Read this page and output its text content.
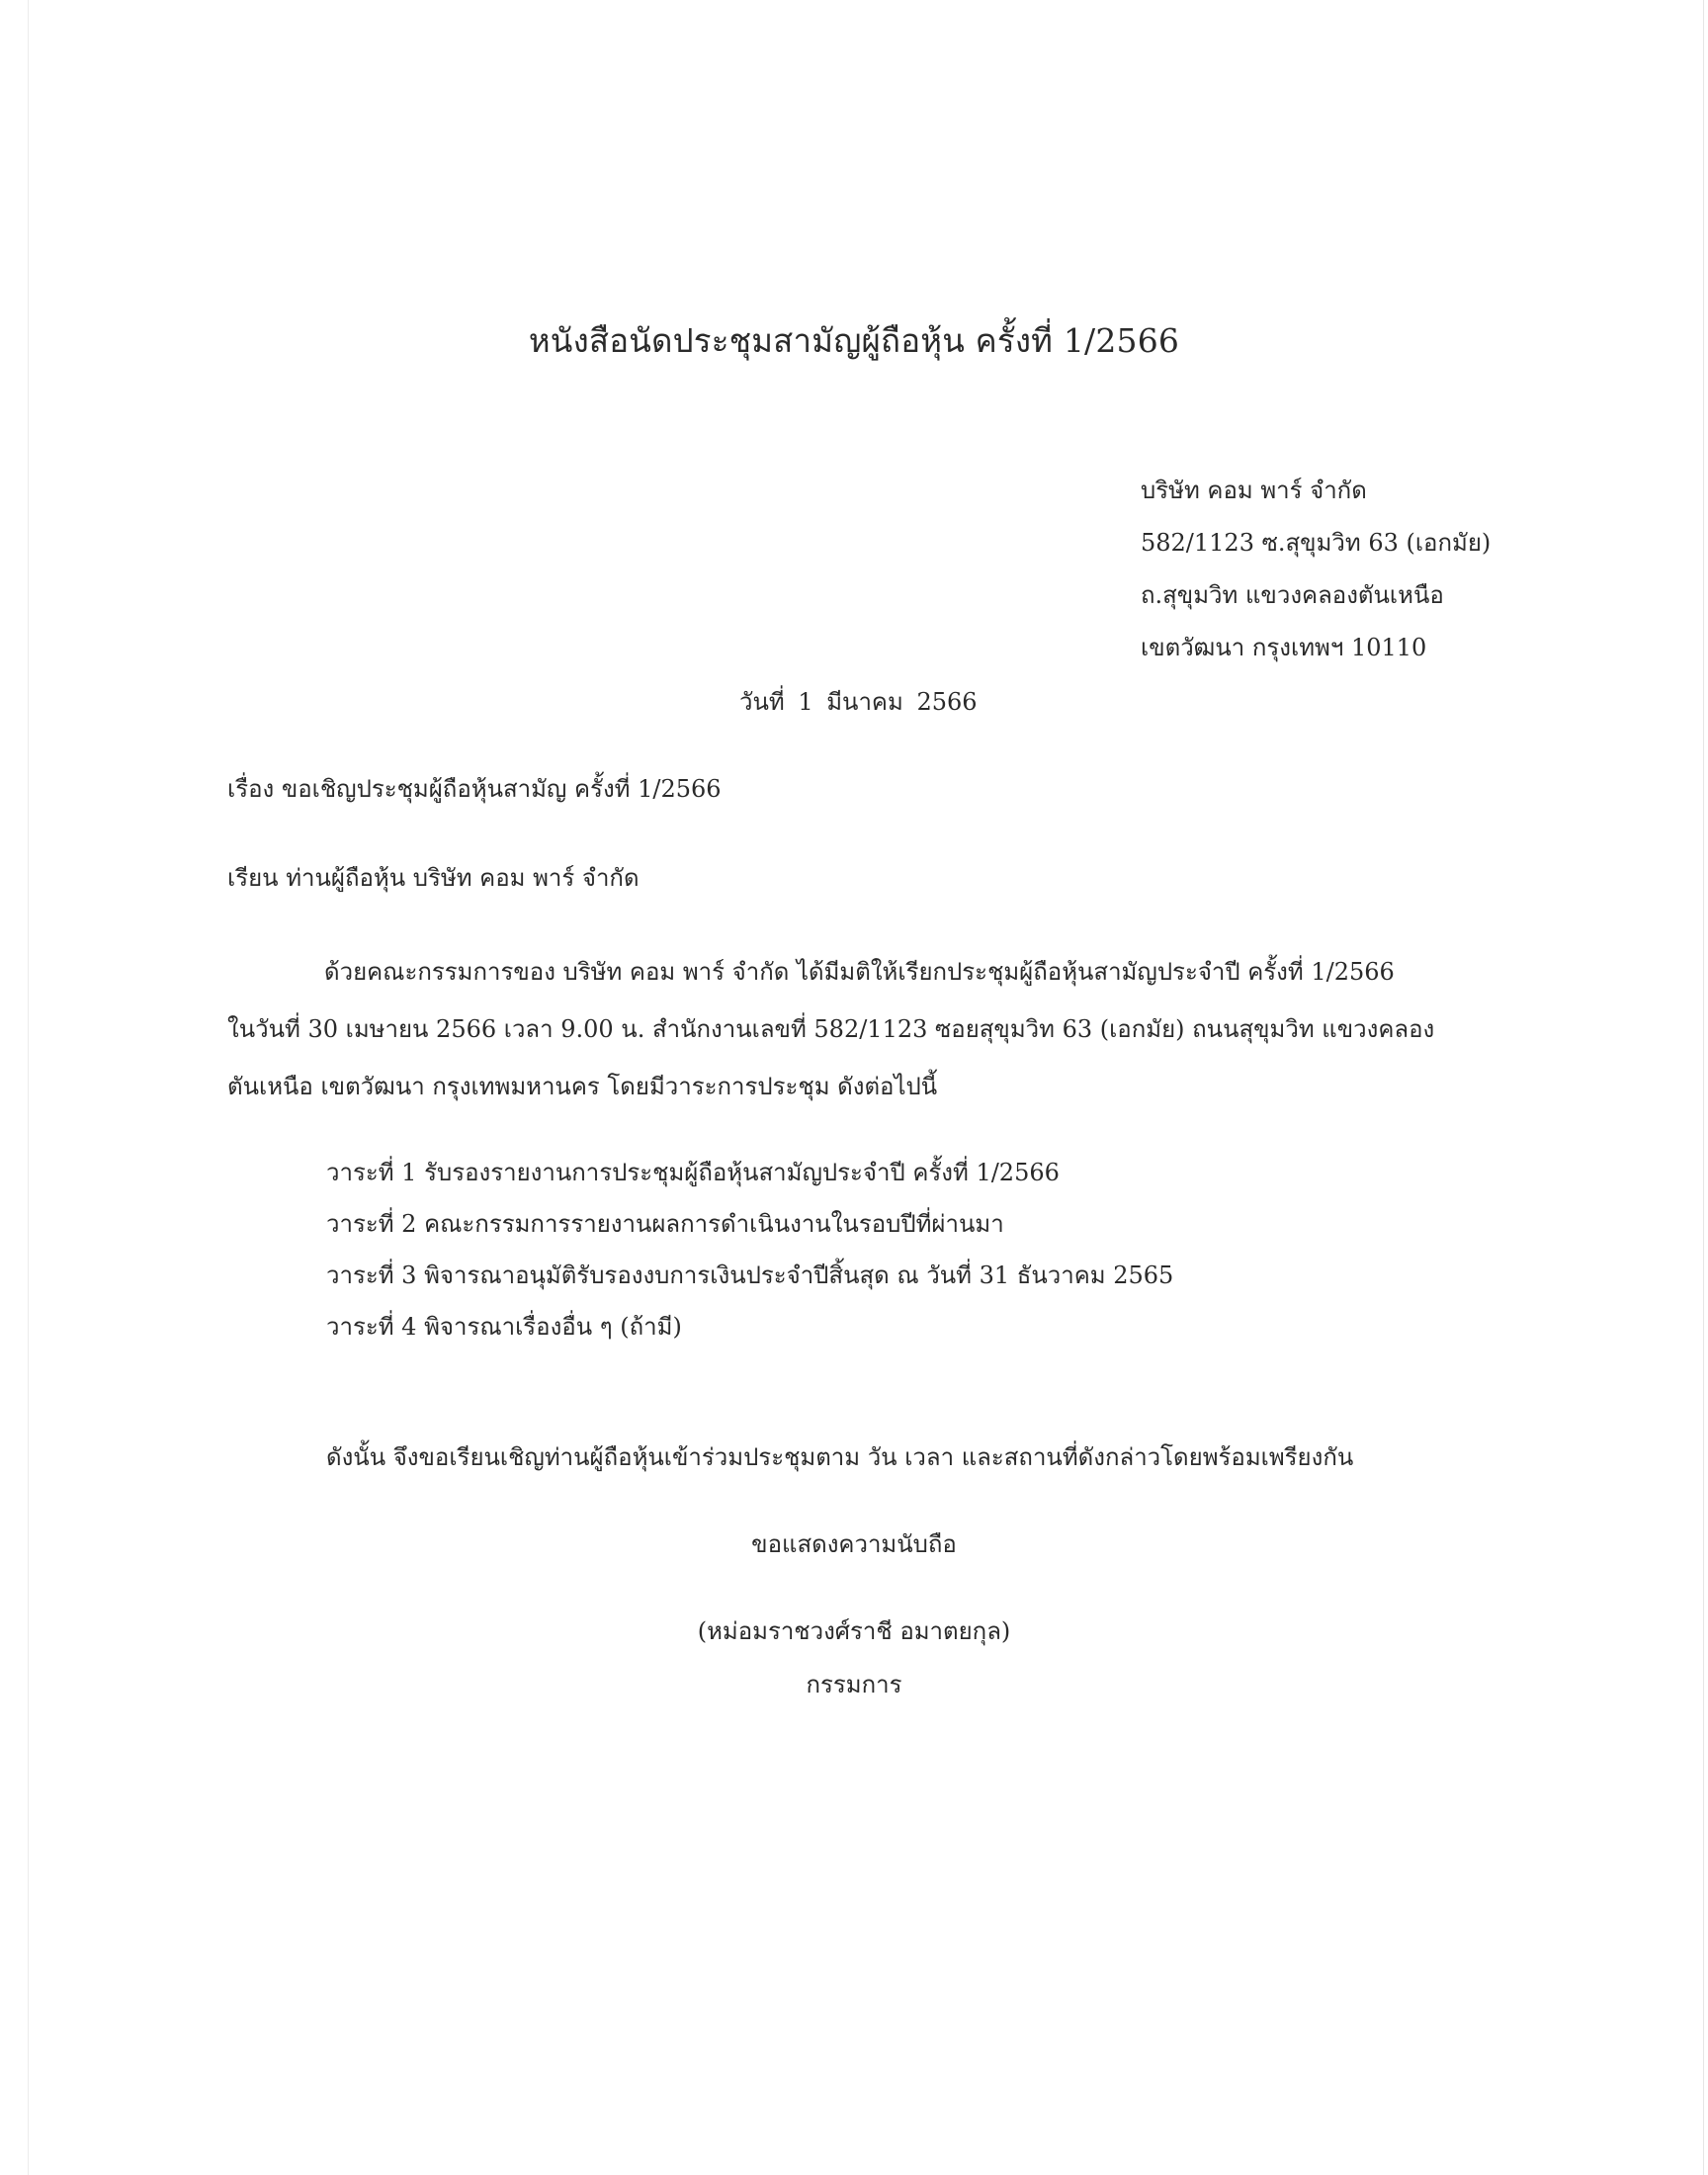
หนังสือนัดประชุมสามัญผู้ถือหุ้น ครั้งที่ 1/2566
บริษัท คอม พาร์ จำกัด
582/1123 ซ.สุขุมวิท 63 (เอกมัย)
ถ.สุขุมวิท แขวงคลองตันเหนือ
เขตวัฒนา กรุงเทพฯ 10110
วันที่ 1 มีนาคม 2566
เรื่อง ขอเชิญประชุมผู้ถือหุ้นสามัญ ครั้งที่ 1/2566
เรียน ท่านผู้ถือหุ้น บริษัท คอม พาร์ จำกัด
ด้วยคณะกรรมการของ บริษัท คอม พาร์ จำกัด ได้มีมติให้เรียกประชุมผู้ถือหุ้นสามัญประจำปี ครั้งที่ 1/2566
ในวันที่ 30 เมษายน 2566 เวลา 9.00 น. สำนักงานเลขที่ 582/1123 ซอยสุขุมวิท 63 (เอกมัย) ถนนสุขุมวิท แขวงคลอง
ตันเหนือ เขตวัฒนา กรุงเทพมหานคร โดยมีวาระการประชุม ดังต่อไปนี้
วาระที่ 1 รับรองรายงานการประชุมผู้ถือหุ้นสามัญประจำปี ครั้งที่ 1/2566
วาระที่ 2 คณะกรรมการรายงานผลการดำเนินงานในรอบปีที่ผ่านมา
วาระที่ 3 พิจารณาอนุมัติรับรองงบการเงินประจำปีสิ้นสุด ณ วันที่ 31 ธันวาคม 2565
วาระที่ 4 พิจารณาเรื่องอื่น ๆ (ถ้ามี)
ดังนั้น จึงขอเรียนเชิญท่านผู้ถือหุ้นเข้าร่วมประชุมตาม วัน เวลา และสถานที่ดังกล่าวโดยพร้อมเพรียงกัน
ขอแสดงความนับถือ
(หม่อมราชวงศ์ราชี อมาตยกุล)
กรรมการ
